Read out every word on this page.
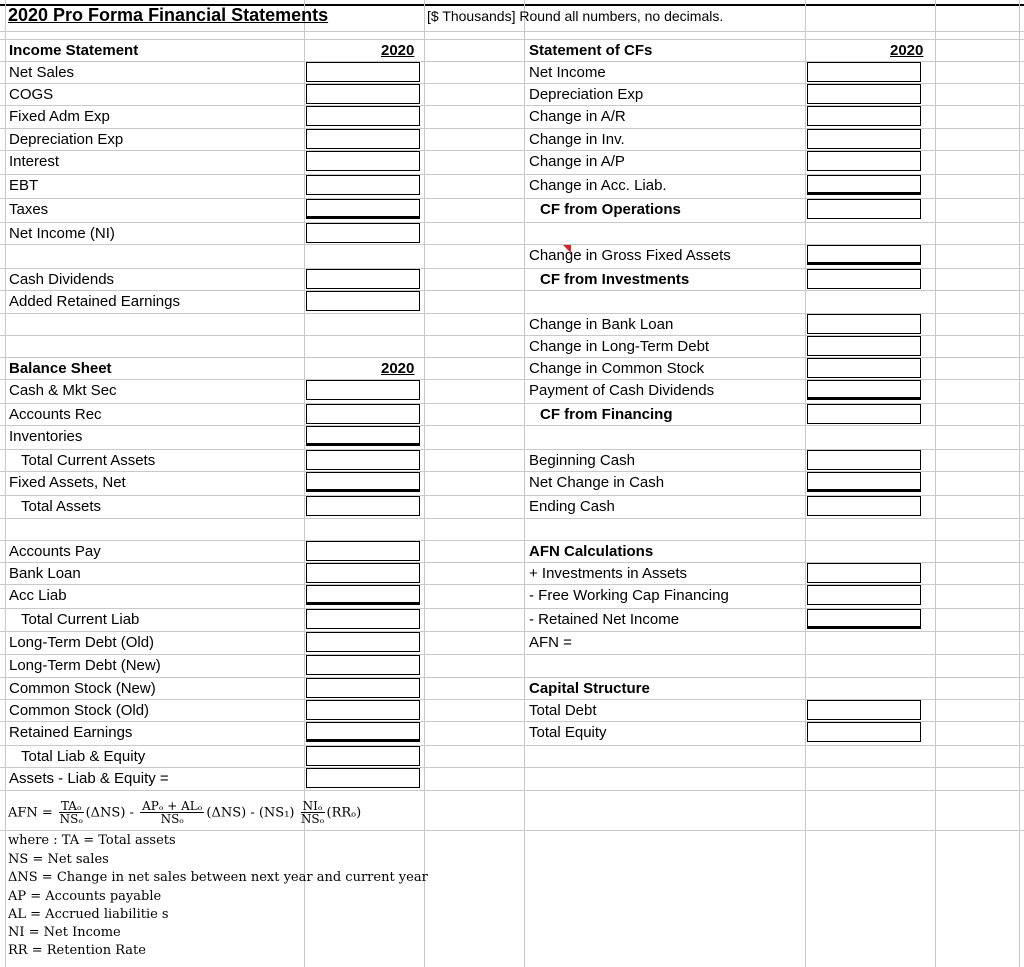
2020 Pro Forma Financial Statements	[$ Thousands] Round all numbers, no decimals.
Income Statement	2020
Net Sales
COGS
Fixed Adm Exp
Depreciation Exp
Interest
EBT
Taxes
Net Income (NI)
Cash Dividends
Added Retained Earnings
Balance Sheet	2020
Cash & Mkt Sec
Accounts Rec
Inventories
Total Current Assets
Fixed Assets, Net
Total Assets
Accounts Pay
Bank Loan
Acc Liab
Total Current Liab
Long-Term Debt (Old)
Long-Term Debt (New)
Common Stock (New)
Common Stock (Old)
Retained Earnings
Total Liab & Equity
Assets - Liab & Equity =
Statement of CFs	2020
Net Income
Depreciation Exp
Change in A/R
Change in Inv.
Change in A/P
Change in Acc. Liab.
CF from Operations
Change in Gross Fixed Assets
CF from Investments
Change in Bank Loan
Change in Long-Term Debt
Change in Common Stock
Payment of Cash Dividends
CF from Financing
Beginning Cash
Net Change in Cash
Ending Cash
AFN Calculations
+ Investments in Assets
- Free Working Cap Financing
- Retained Net Income
AFN =
Capital Structure
Total Debt
Total Equity
AFN = $\frac{\text{TAₒ}}{\text{NSₒ}} (\Delta NS) - \frac{\text{APₒ + ALₒ}}{\text{NSₒ}} (\Delta NS) - (NS_1) \frac{\text{NIₒ}}{\text{NSₒ}} (RR_o)$
where : TA = Total assets
NS = Net sales
ΔNS = Change in net sales between next year and current year
AP = Accounts payable
AL = Accrued liabilitie s
NI = Net Income
RR = Retention Rate
